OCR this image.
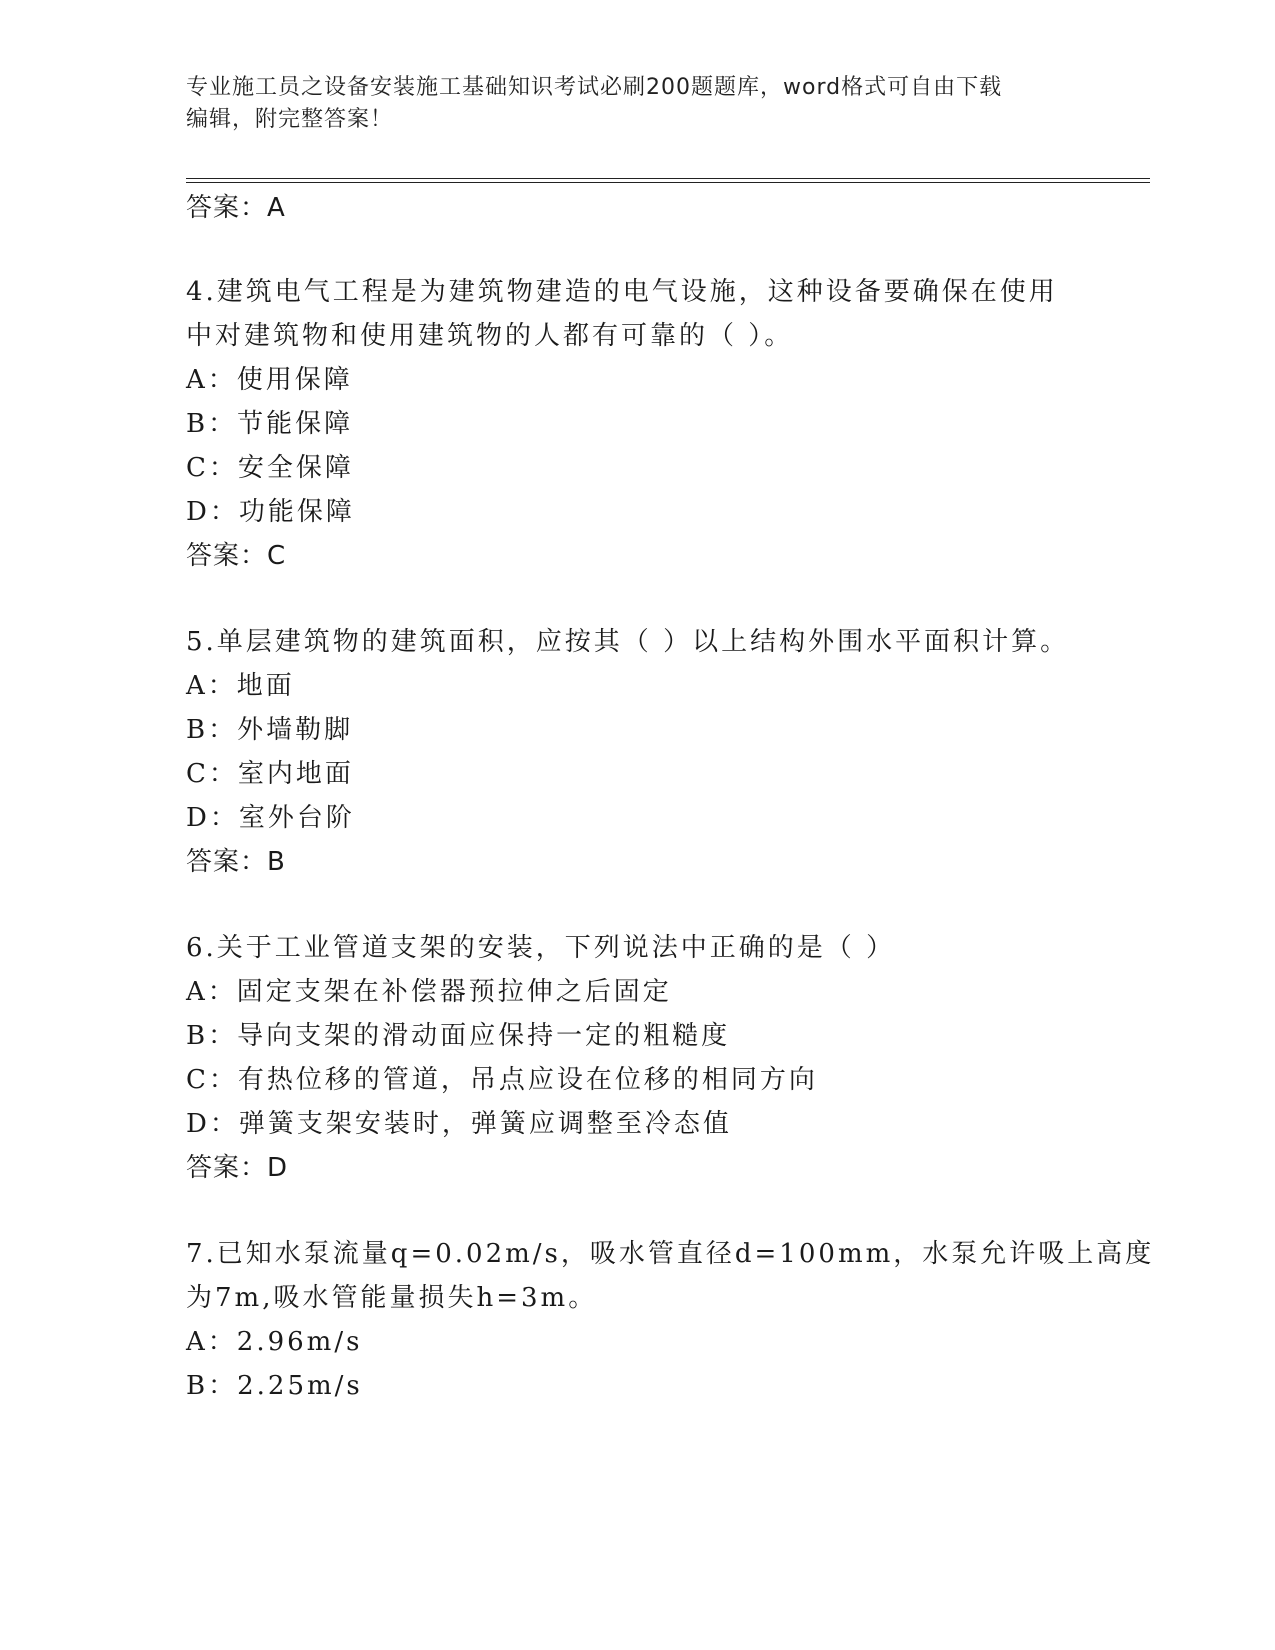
专业施工员之设备安装施工基础知识考试必刷200题题库，word格式可自由下载
编辑，附完整答案！
答案：A
4.建筑电气工程是为建筑物建造的电气设施，这种设备要确保在使用
中对建筑物和使用建筑物的人都有可靠的（ ）。
A：使用保障
B：节能保障
C：安全保障
D：功能保障
答案：C
5.单层建筑物的建筑面积，应按其（ ）以上结构外围水平面积计算。
A：地面
B：外墙勒脚
C：室内地面
D：室外台阶
答案：B
6.关于工业管道支架的安装，下列说法中正确的是（ ）
A：固定支架在补偿器预拉伸之后固定
B：导向支架的滑动面应保持一定的粗糙度
C：有热位移的管道，吊点应设在位移的相同方向
D：弹簧支架安装时，弹簧应调整至冷态值
答案：D
7.已知水泵流量q=0.02m/s，吸水管直径d=100mm，水泵允许吸上高度
为7m,吸水管能量损失h=3m。
A：2.96m/s
B：2.25m/s
